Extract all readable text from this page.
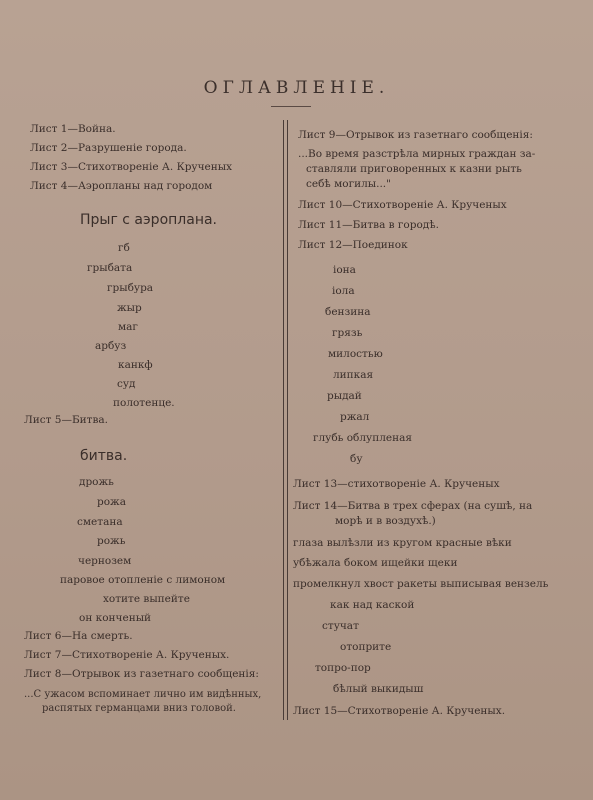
ОГЛАВЛЕНІЕ.
Лист 1—Война.
Лист 2—Разрушеніе города.
Лист 3—Стихотвореніе А. Крученых
Лист 4—Аэропланы над городом
Прыг с аэроплана.
гб
грыбата
грыбура
жыр
маг
арбуз
канкф
суд
полотенце.
Лист 5—Битва.
битва.
дрожь
рожа
сметана
рожь
чернозем
паровое отопленіе с лимоном
хотите выпейте
он конченый
Лист 6—На смерть.
Лист 7—Стихотвореніе А. Крученых.
Лист 8—Отрывок из газетнаго сообщенія:
...С ужасом вспоминает лично им видѣнных,
распятых германцами вниз головой.
Лист 9—Отрывок из газетнаго сообщенія:
...Во время разстрѣла мирных граждан за-
ставляли приговоренных к казни рыть
себѣ могилы..."
Лист 10—Стихотвореніе А. Крученых
Лист 11—Битва в городѣ.
Лист 12—Поединок
іона
іола
бензина
грязь
милостью
липкая
рыдай
ржал
глубь облупленая
бу
Лист 13—стихотвореніе А. Крученых
Лист 14—Битва в трех сферах (на сушѣ, на
морѣ и в воздухѣ.)
глаза вылѣзли из кругом красные вѣки
убѣжала боком ищейки щеки
промелкнул хвост ракеты выписывая вензель
как над каской
стучат
отоприте
топро-пор
бѣлый выкидыш
Лист 15—Стихотвореніе А. Крученых.
